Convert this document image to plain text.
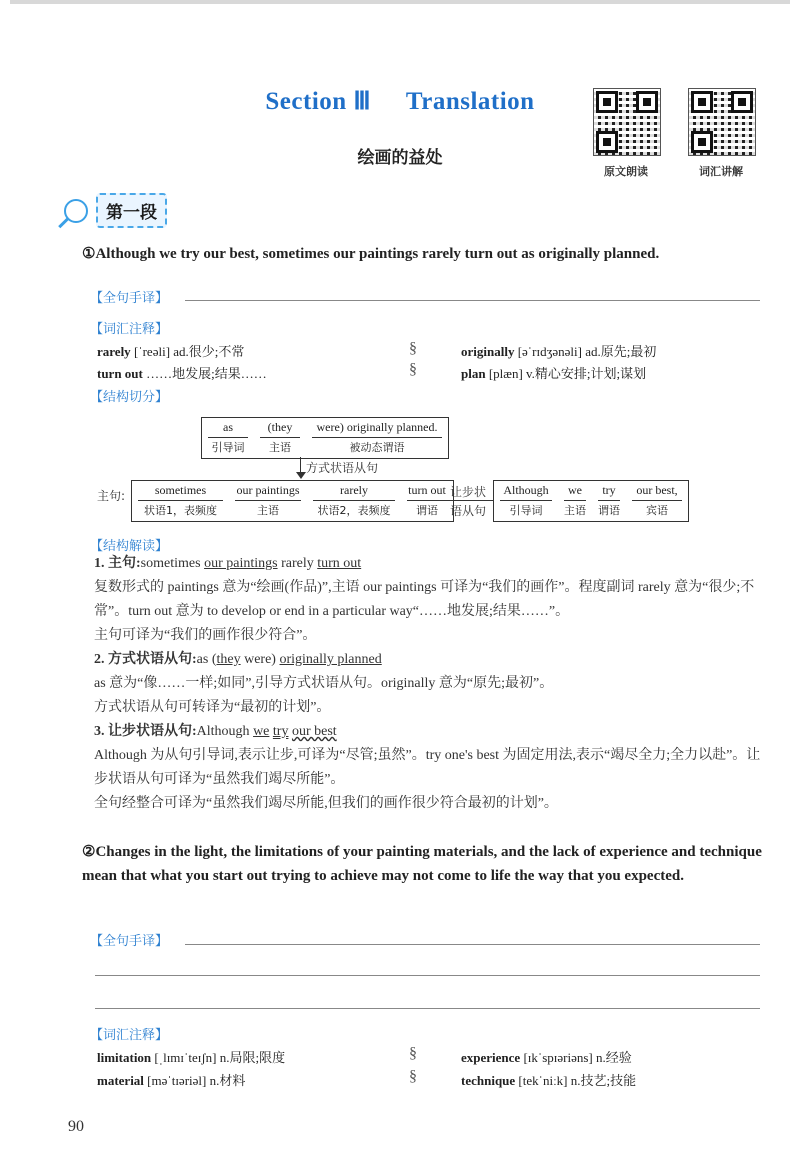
Section Ⅲ Translation
绘画的益处
原文朗读	词汇讲解
第一段
①Although we try our best, sometimes our paintings rarely turn out as originally planned.
【全句手译】
【词汇注释】
rarely [ˈreəli] ad.很少;不常
turn out ……地发展;结果……
§
§
originally [əˈrɪdʒənəli] ad.原先;最初
plan [plæn] v.精心安排;计划;谋划
【结构切分】
as
引导词
(they
主语
were) originally planned.
被动态谓语
方式状语从句
主句:	sometimes
状语1，表频度
our paintings
主语
rarely
状语2，表频度
turn out
谓语
让步状
语从句
Although
引导词
we
主语
try
谓语
our best,
宾语
【结构解读】
1. 主句:sometimes our paintings rarely turn out
复数形式的 paintings 意为“绘画(作品)”,主语 our paintings 可译为“我们的画作”。程度副词 rarely 意为“很少;不常”。turn out 意为 to develop or end in a particular way“……地发展;结果……”。
主句可译为“我们的画作很少符合”。
2. 方式状语从句:as (they were) originally planned
as 意为“像……一样;如同”,引导方式状语从句。originally 意为“原先;最初”。
方式状语从句可转译为“最初的计划”。
3. 让步状语从句:Although we try our best
Although 为从句引导词,表示让步,可译为“尽管;虽然”。try one's best 为固定用法,表示“竭尽全力;全力以赴”。让步状语从句可译为“虽然我们竭尽所能”。
全句经整合可译为“虽然我们竭尽所能,但我们的画作很少符合最初的计划”。
②Changes in the light, the limitations of your painting materials, and the lack of experience and technique mean that what you start out trying to achieve may not come to life the way that you expected.
【全句手译】
【词汇注释】
limitation [ˌlɪmɪˈteɪʃn] n.局限;限度
material [məˈtɪəriəl] n.材料
§
§
experience [ɪkˈspɪəriəns] n.经验
technique [tekˈniːk] n.技艺;技能
90
